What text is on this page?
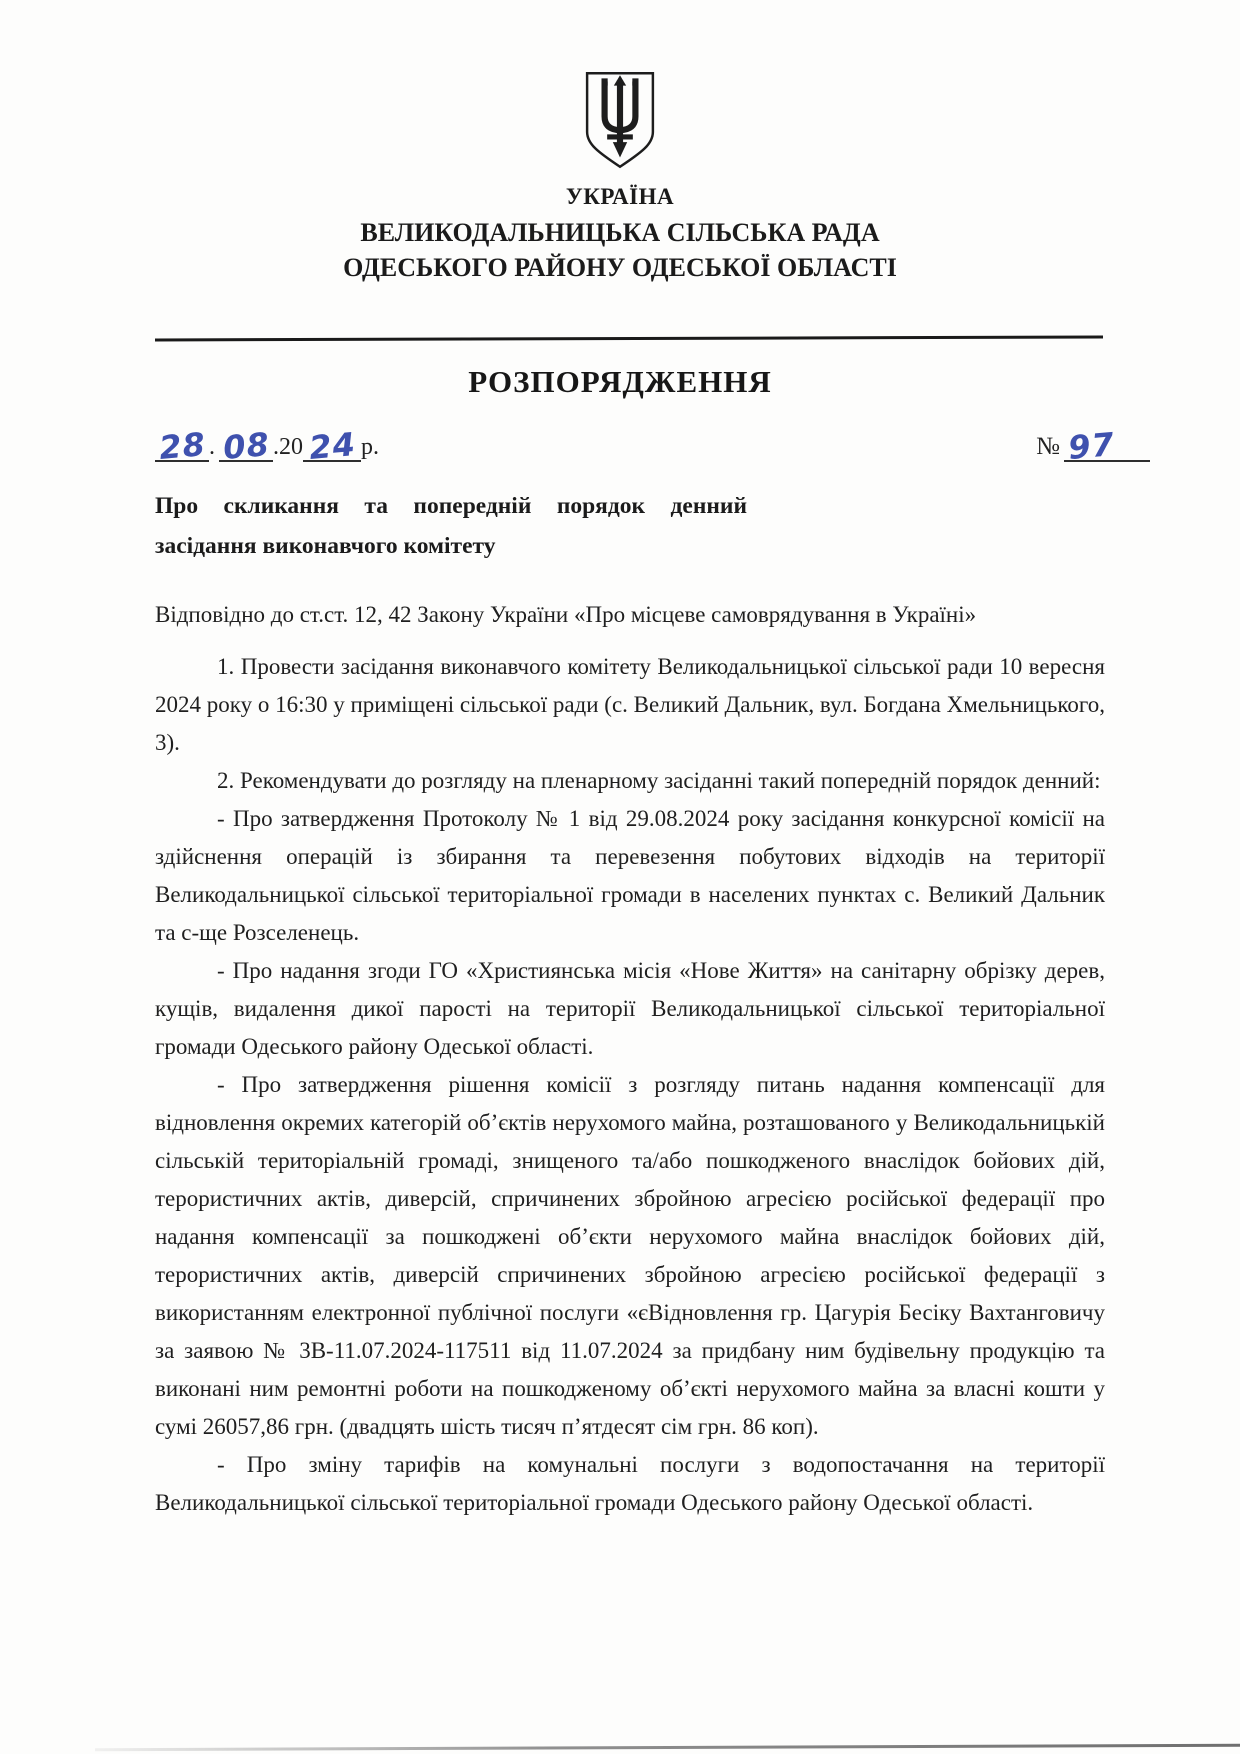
УКРАЇНА
ВЕЛИКОДАЛЬНИЦЬКА СІЛЬСЬКА РАДА
ОДЕСЬКОГО РАЙОНУ ОДЕСЬКОЇ ОБЛАСТІ
РОЗПОРЯДЖЕННЯ
28. 08.20 24 р.	№ 97
Про скликання та попередній порядок денний засідання виконавчого комітету

Відповідно до ст.ст. 12, 42 Закону України «Про місцеве самоврядування в Україні»

1. Провести засідання виконавчого комітету Великодальницької сільської ради 10 вересня 2024 року о 16:30 у приміщені сільської ради (с. Великий Дальник, вул. Богдана Хмельницького, 3).

2. Рекомендувати до розгляду на пленарному засіданні такий попередній порядок денний:

- Про затвердження Протоколу № 1 від 29.08.2024 року засідання конкурсної комісії на здійснення операцій із збирання та перевезення побутових відходів на території Великодальницької сільської територіальної громади в населених пунктах с. Великий Дальник та с-ще Розселенець.

- Про надання згоди ГО «Християнська місія «Нове Життя» на санітарну обрізку дерев, кущів, видалення дикої парості на території Великодальницької сільської територіальної громади Одеського району Одеської області.

- Про затвердження рішення комісії з розгляду питань надання компенсації для відновлення окремих категорій об’єктів нерухомого майна, розташованого у Великодальницькій сільській територіальній громаді, знищеного та/або пошкодженого внаслідок бойових дій, терористичних актів, диверсій, спричинених збройною агресією російської федерації про надання компенсації за пошкоджені об’єкти нерухомого майна внаслідок бойових дій, терористичних актів, диверсій спричинених збройною агресією російської федерації з використанням електронної публічної послуги «єВідновлення гр. Цагурія Бесіку Вахтанговичу за заявою № 3В-11.07.2024-117511 від 11.07.2024 за придбану ним будівельну продукцію та виконані ним ремонтні роботи на пошкодженому об’єкті нерухомого майна за власні кошти у сумі 26057,86 грн. (двадцять шість тисяч п’ятдесят сім грн. 86 коп).

- Про зміну тарифів на комунальні послуги з водопостачання на території Великодальницької сільської територіальної громади Одеського району Одеської області.
